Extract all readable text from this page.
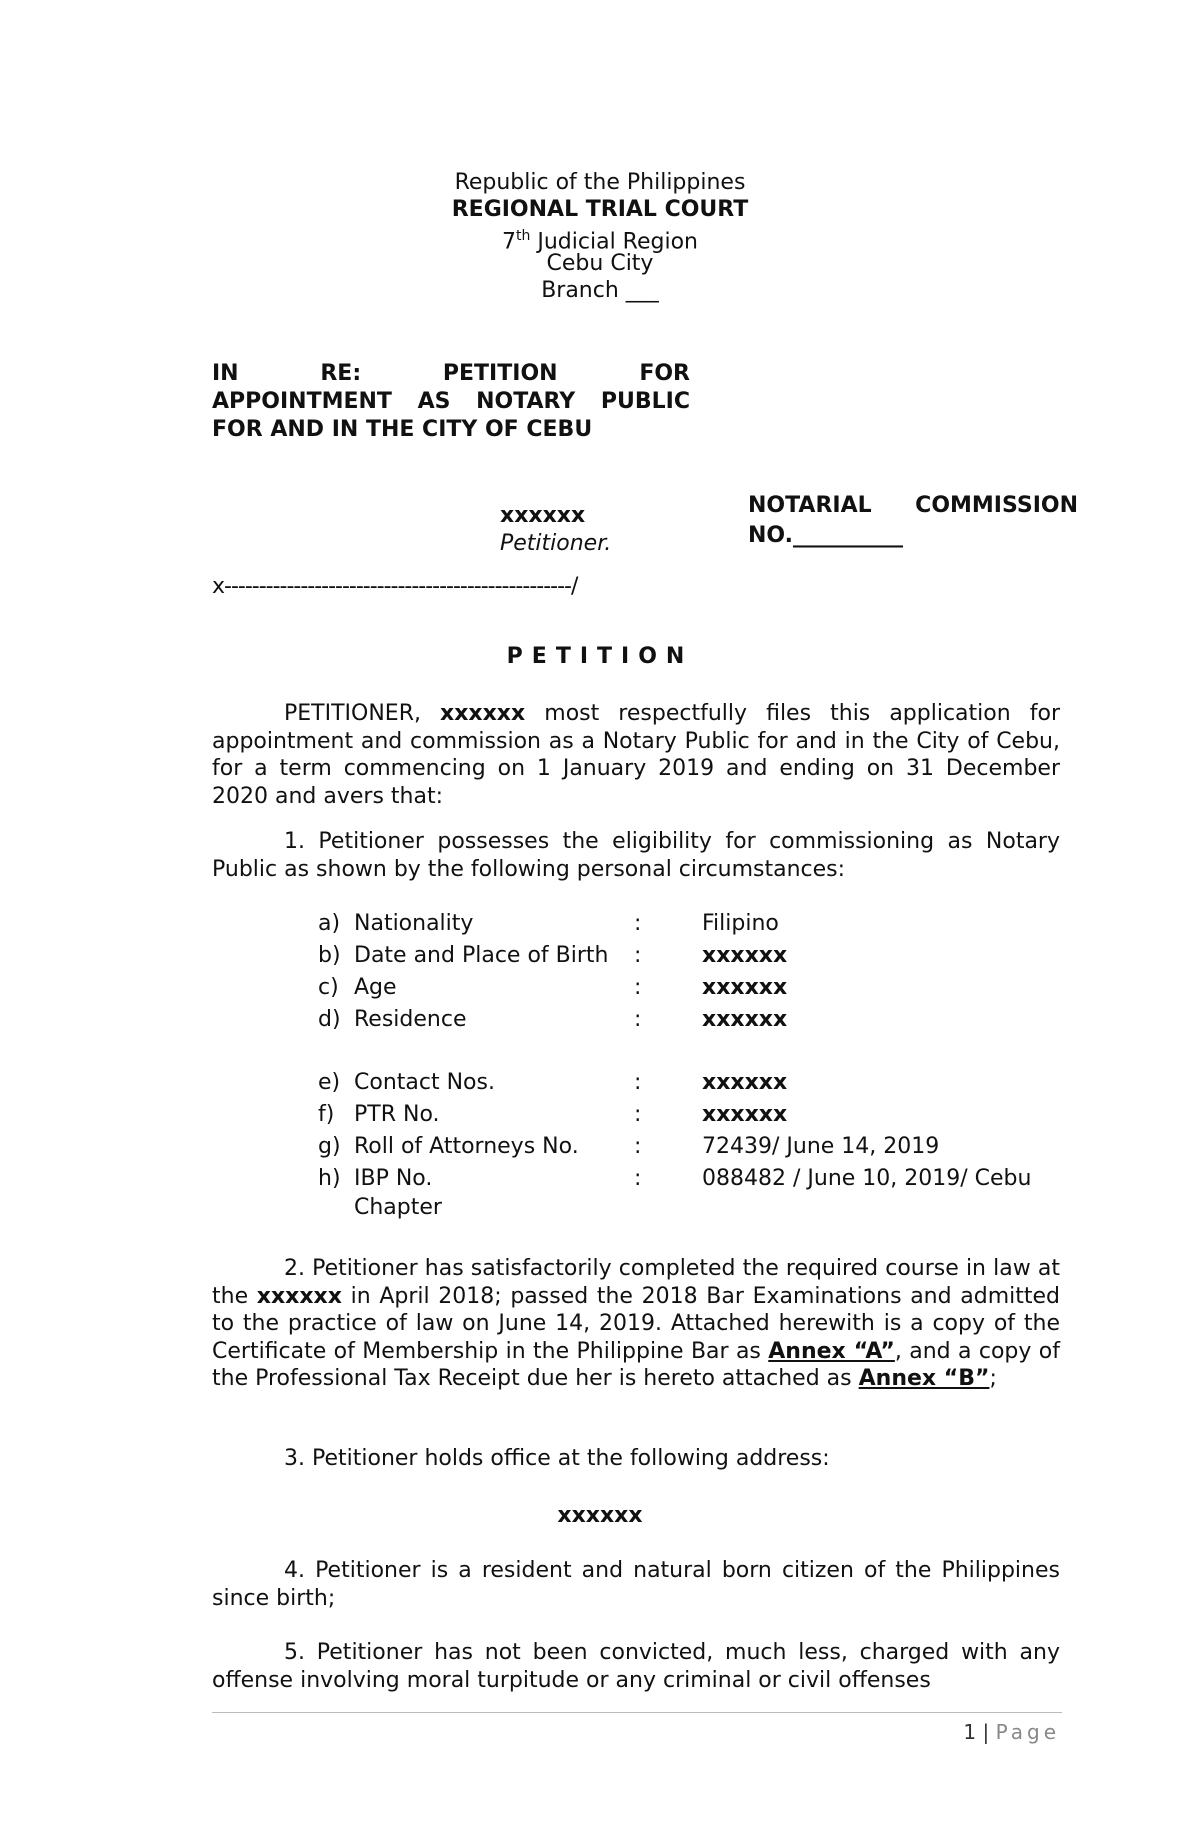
Republic of the Philippines
REGIONAL TRIAL COURT
7th Judicial Region
Cebu City
Branch ___
IN RE: PETITION FOR
APPOINTMENT AS NOTARY PUBLIC
FOR AND IN THE CITY OF CEBU
xxxxxx
Petitioner.
NOTARIAL COMMISSION
NO.__________
x--------------------------------------------------/
PETITION

PETITIONER, xxxxxx most respectfully files this application for appointment and commission as a Notary Public for and in the City of Cebu, for a term commencing on 1 January 2019 and ending on 31 December 2020 and avers that:

1. Petitioner possesses the eligibility for commissioning as Notary Public as shown by the following personal circumstances:

a) Nationality	:	Filipino
b) Date and Place of Birth :	xxxxxx
c) Age	:	xxxxxx
d) Residence	:	xxxxxx
e) Contact Nos.	:	xxxxxx
f) PTR No.	:	xxxxxx
g) Roll of Attorneys No.	:	72439/ June 14, 2019
h) IBP No.	:	088482 / June 10, 2019/ Cebu
Chapter

2. Petitioner has satisfactorily completed the required course in law at the xxxxxx in April 2018; passed the 2018 Bar Examinations and admitted to the practice of law on June 14, 2019. Attached herewith is a copy of the Certificate of Membership in the Philippine Bar as Annex “A”, and a copy of the Professional Tax Receipt due her is hereto attached as Annex “B”;

3. Petitioner holds office at the following address:

xxxxxx

4. Petitioner is a resident and natural born citizen of the Philippines since birth;

5. Petitioner has not been convicted, much less, charged with any offense involving moral turpitude or any criminal or civil offenses

1 | Page
